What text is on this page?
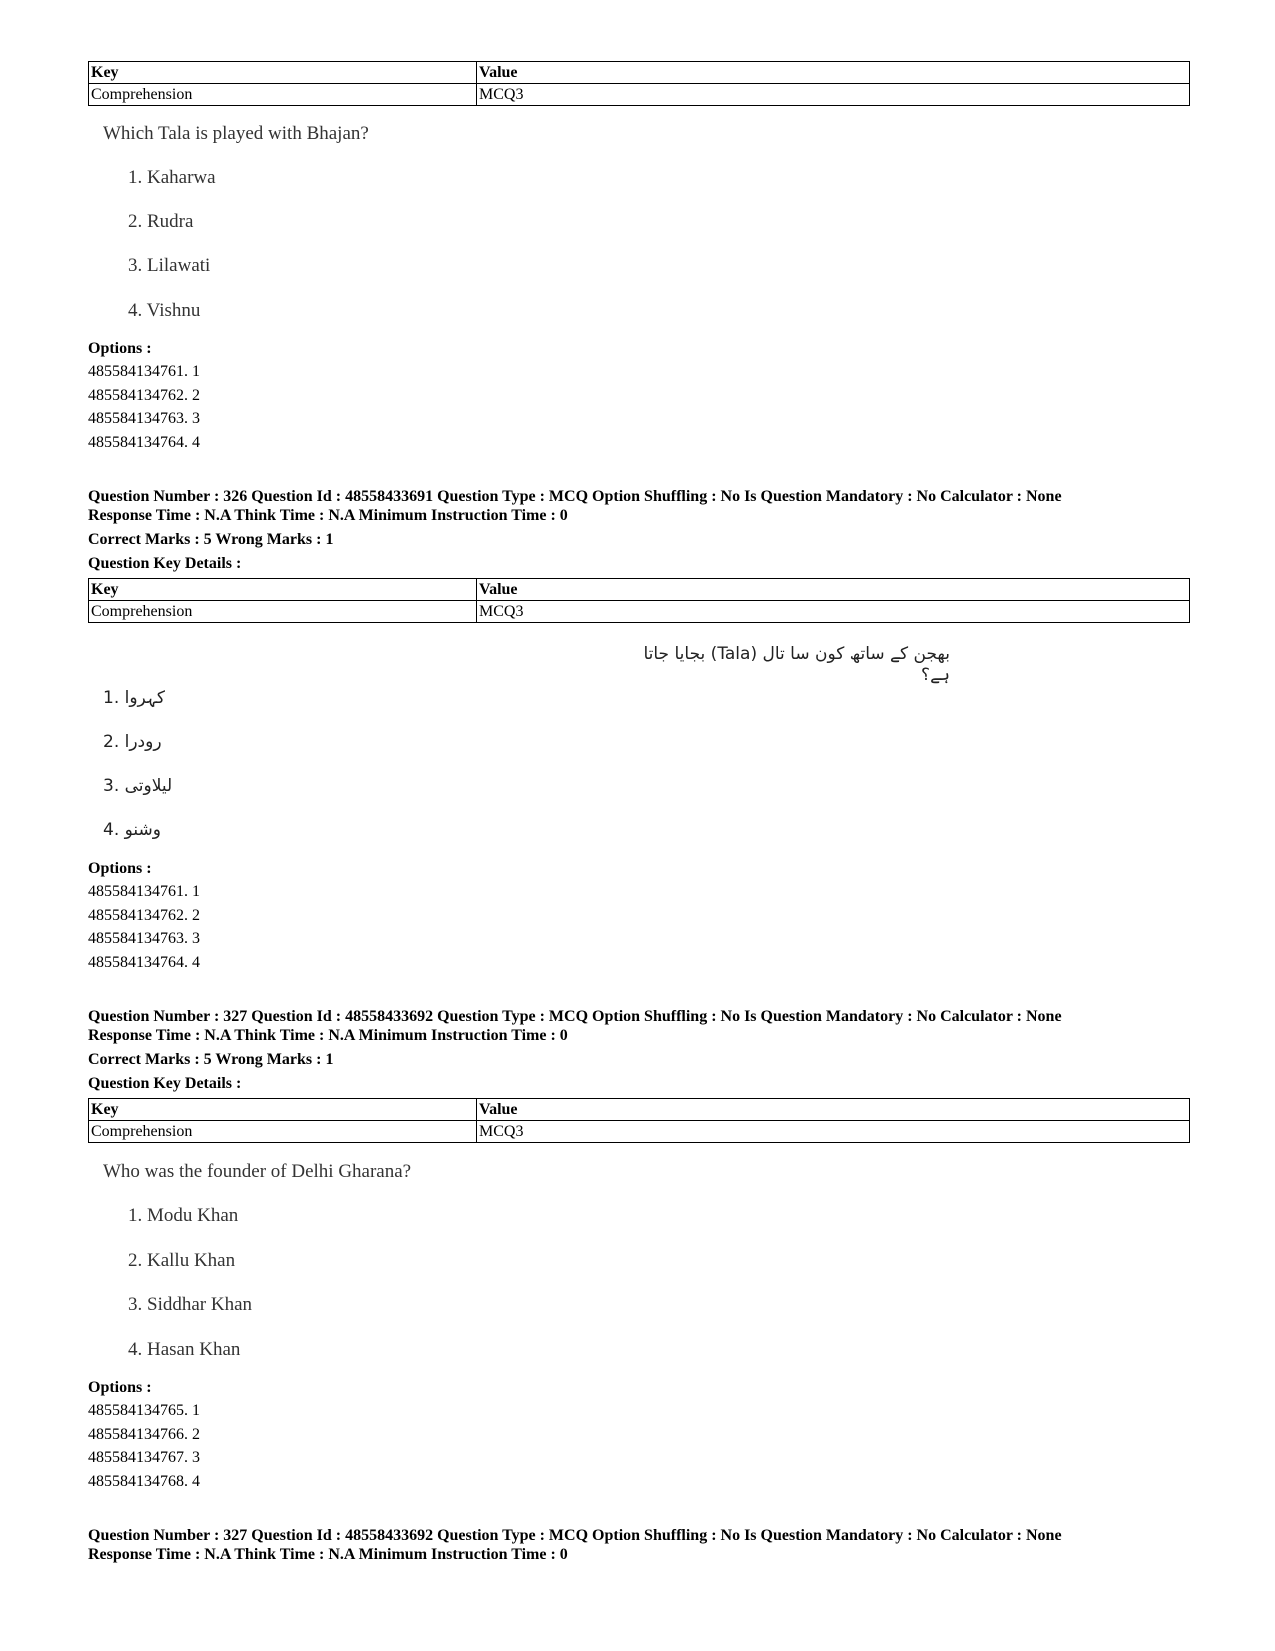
Key	Value
Comprehension	MCQ3
Which Tala is played with Bhajan?
1. Kaharwa
2. Rudra
3. Lilawati
4. Vishnu
Options :
485584134761. 1
485584134762. 2
485584134763. 3
485584134764. 4
Question Number : 326 Question Id : 48558433691 Question Type : MCQ Option Shuffling : No Is Question Mandatory : No Calculator : None
Response Time : N.A Think Time : N.A Minimum Instruction Time : 0
Correct Marks : 5 Wrong Marks : 1
Question Key Details :
Key	Value
Comprehension	MCQ3
بھجن کے ساتھ کون سا تال (Tala) بجایا جاتا ہے؟
1. کہروا
2. رودرا
3. لیلاوتی
4. وشنو
Options :
485584134761. 1
485584134762. 2
485584134763. 3
485584134764. 4
Question Number : 327 Question Id : 48558433692 Question Type : MCQ Option Shuffling : No Is Question Mandatory : No Calculator : None
Response Time : N.A Think Time : N.A Minimum Instruction Time : 0
Correct Marks : 5 Wrong Marks : 1
Question Key Details :
Key	Value
Comprehension	MCQ3
Who was the founder of Delhi Gharana?
1. Modu Khan
2. Kallu Khan
3. Siddhar Khan
4. Hasan Khan
Options :
485584134765. 1
485584134766. 2
485584134767. 3
485584134768. 4
Question Number : 327 Question Id : 48558433692 Question Type : MCQ Option Shuffling : No Is Question Mandatory : No Calculator : None
Response Time : N.A Think Time : N.A Minimum Instruction Time : 0
